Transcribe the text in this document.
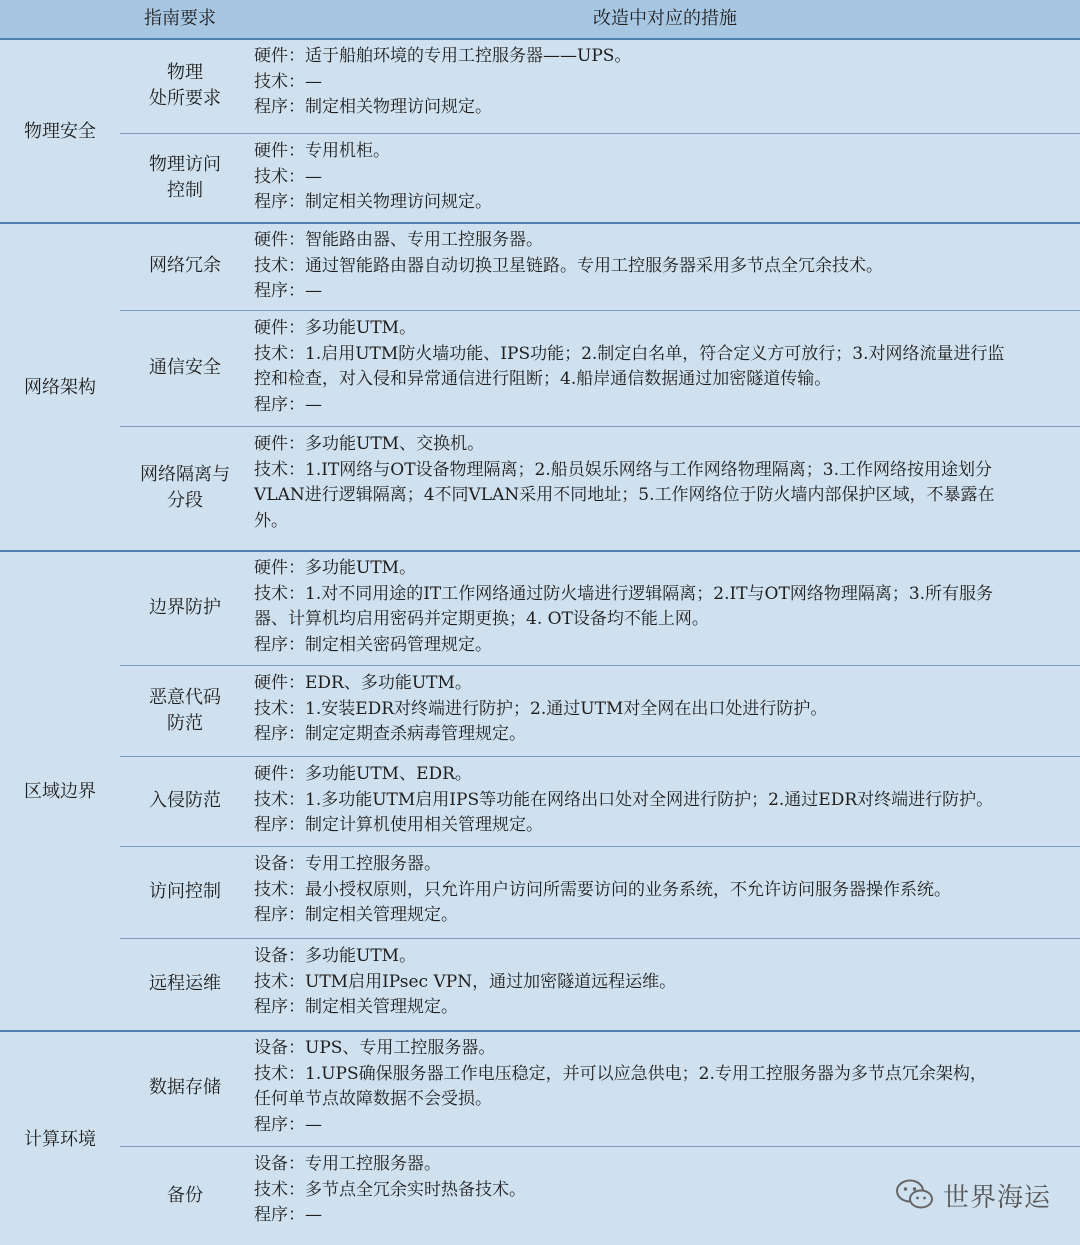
指南要求	改造中对应的措施
物理安全
物理
处所要求
硬件：适于船舶环境的专用工控服务器——UPS。
技术：—
程序：制定相关物理访问规定。
物理访问
控制
硬件：专用机柜。
技术：—
程序：制定相关物理访问规定。
网络架构
网络冗余
硬件：智能路由器、专用工控服务器。
技术：通过智能路由器自动切换卫星链路。专用工控服务器采用多节点全冗余技术。
程序：—
通信安全
硬件：多功能UTM。
技术：1.启用UTM防火墙功能、IPS功能；2.制定白名单，符合定义方可放行；3.对网络流量进行监
控和检查，对入侵和异常通信进行阻断；4.船岸通信数据通过加密隧道传输。
程序：—
网络隔离与
分段
硬件：多功能UTM、交换机。
技术：1.IT网络与OT设备物理隔离；2.船员娱乐网络与工作网络物理隔离；3.工作网络按用途划分
VLAN进行逻辑隔离；4不同VLAN采用不同地址；5.工作网络位于防火墙内部保护区域，不暴露在
外。
区域边界
边界防护
硬件：多功能UTM。
技术：1.对不同用途的IT工作网络通过防火墙进行逻辑隔离；2.IT与OT网络物理隔离；3.所有服务
器、计算机均启用密码并定期更换；4. OT设备均不能上网。
程序：制定相关密码管理规定。
恶意代码
防范
硬件：EDR、多功能UTM。
技术：1.安装EDR对终端进行防护；2.通过UTM对全网在出口处进行防护。
程序：制定定期查杀病毒管理规定。
入侵防范
硬件：多功能UTM、EDR。
技术：1.多功能UTM启用IPS等功能在网络出口处对全网进行防护；2.通过EDR对终端进行防护。
程序：制定计算机使用相关管理规定。
访问控制
设备：专用工控服务器。
技术：最小授权原则，只允许用户访问所需要访问的业务系统，不允许访问服务器操作系统。
程序：制定相关管理规定。
远程运维
设备：多功能UTM。
技术：UTM启用IPsec VPN，通过加密隧道远程运维。
程序：制定相关管理规定。
计算环境
数据存储
设备：UPS、专用工控服务器。
技术：1.UPS确保服务器工作电压稳定，并可以应急供电；2.专用工控服务器为多节点冗余架构，
任何单节点故障数据不会受损。
程序：—
备份
设备：专用工控服务器。
技术：多节点全冗余实时热备技术。
程序：—
世界海运
